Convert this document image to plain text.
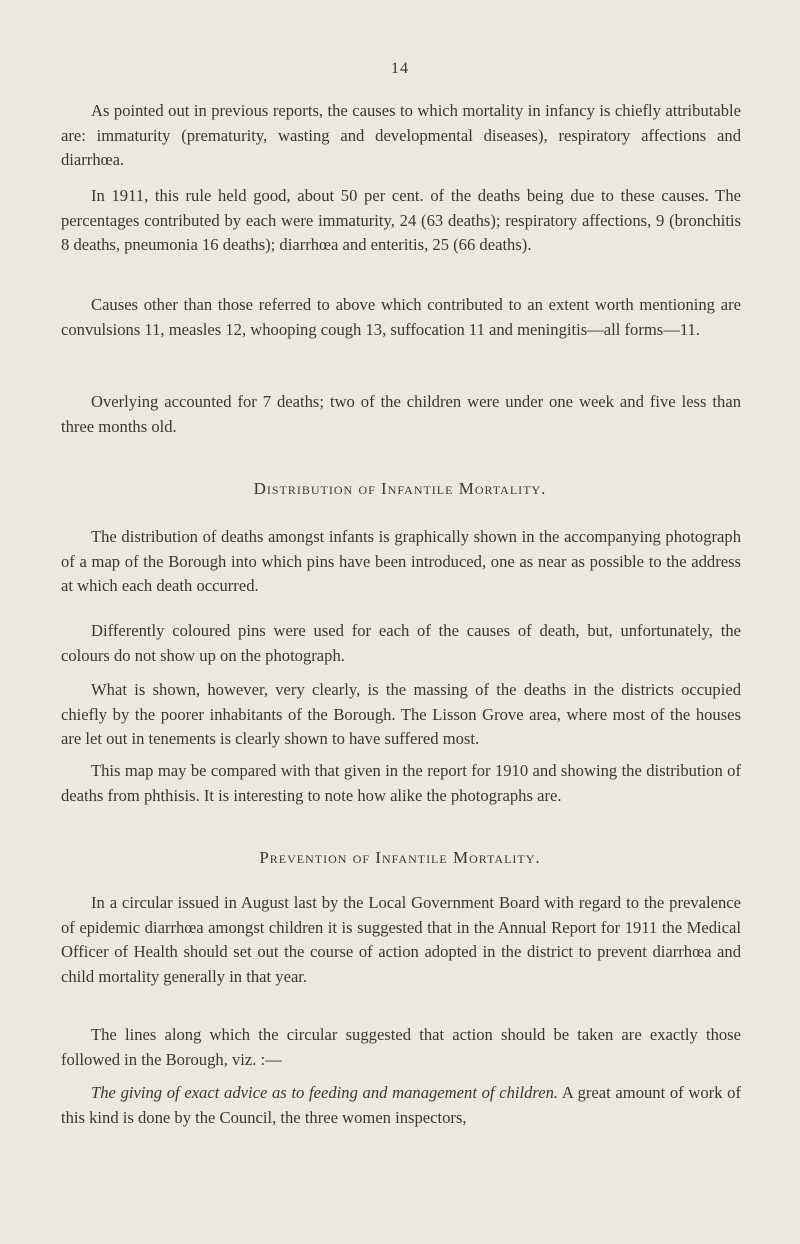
14

As pointed out in previous reports, the causes to which mortality in infancy is chiefly attributable are: immaturity (prematurity, wasting and developmental diseases), respiratory affections and diarrhœa.

In 1911, this rule held good, about 50 per cent. of the deaths being due to these causes. The percentages contributed by each were immaturity, 24 (63 deaths); respiratory affections, 9 (bronchitis 8 deaths, pneumonia 16 deaths); diarrhœa and enteritis, 25 (66 deaths).

Causes other than those referred to above which contributed to an extent worth mentioning are convulsions 11, measles 12, whooping cough 13, suffocation 11 and meningitis—all forms—11.

Overlying accounted for 7 deaths; two of the children were under one week and five less than three months old.

Distribution of Infantile Mortality.

The distribution of deaths amongst infants is graphically shown in the accompanying photograph of a map of the Borough into which pins have been introduced, one as near as possible to the address at which each death occurred.

Differently coloured pins were used for each of the causes of death, but, unfortunately, the colours do not show up on the photograph.

What is shown, however, very clearly, is the massing of the deaths in the districts occupied chiefly by the poorer inhabitants of the Borough. The Lisson Grove area, where most of the houses are let out in tenements is clearly shown to have suffered most.

This map may be compared with that given in the report for 1910 and showing the distribution of deaths from phthisis. It is interesting to note how alike the photographs are.

Prevention of Infantile Mortality.

In a circular issued in August last by the Local Government Board with regard to the prevalence of epidemic diarrhœa amongst children it is suggested that in the Annual Report for 1911 the Medical Officer of Health should set out the course of action adopted in the district to prevent diarrhœa and child mortality generally in that year.

The lines along which the circular suggested that action should be taken are exactly those followed in the Borough, viz. :—

The giving of exact advice as to feeding and management of children. A great amount of work of this kind is done by the Council, the three women inspectors,
